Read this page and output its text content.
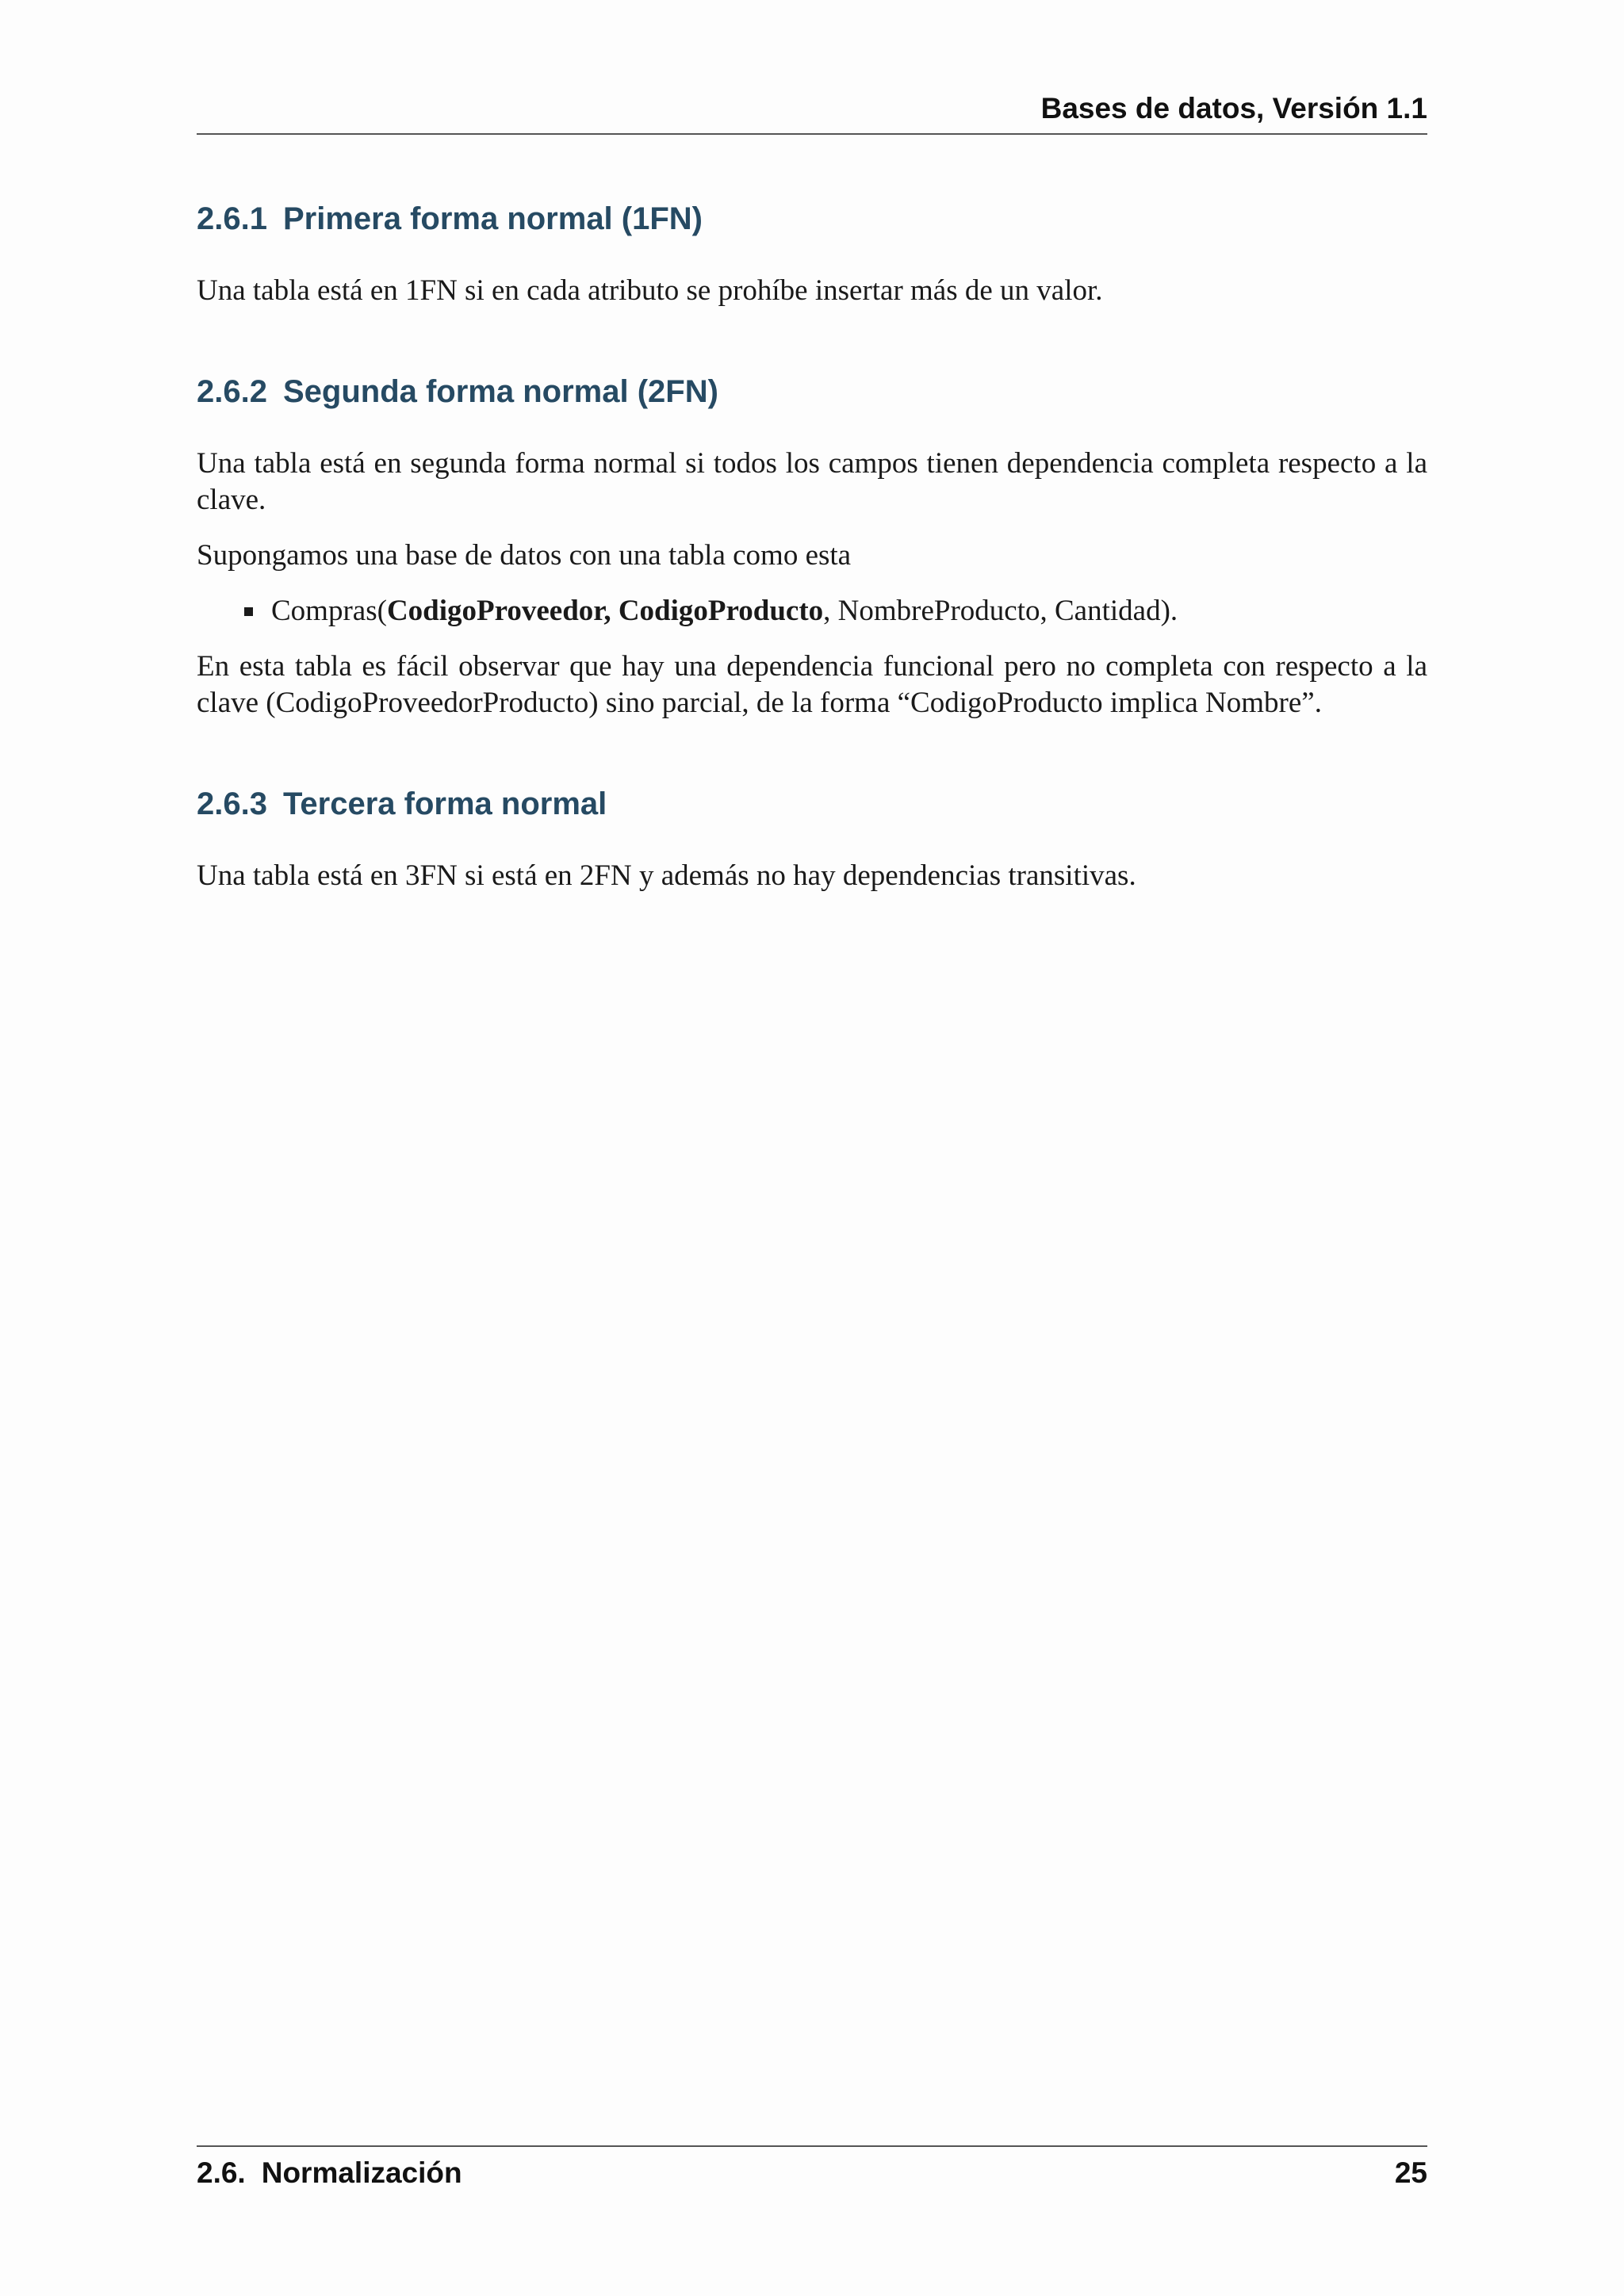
Bases de datos, Versión 1.1
2.6.1 Primera forma normal (1FN)

Una tabla está en 1FN si en cada atributo se prohíbe insertar más de un valor.

2.6.2 Segunda forma normal (2FN)

Una tabla está en segunda forma normal si todos los campos tienen dependencia completa respecto a la clave.

Supongamos una base de datos con una tabla como esta

Compras(CodigoProveedor, CodigoProducto, NombreProducto, Cantidad).

En esta tabla es fácil observar que hay una dependencia funcional pero no completa con respecto a la clave (CodigoProveedorProducto) sino parcial, de la forma “CodigoProducto implica Nombre”.

2.6.3 Tercera forma normal

Una tabla está en 3FN si está en 2FN y además no hay dependencias transitivas.

2.6. Normalización	25
